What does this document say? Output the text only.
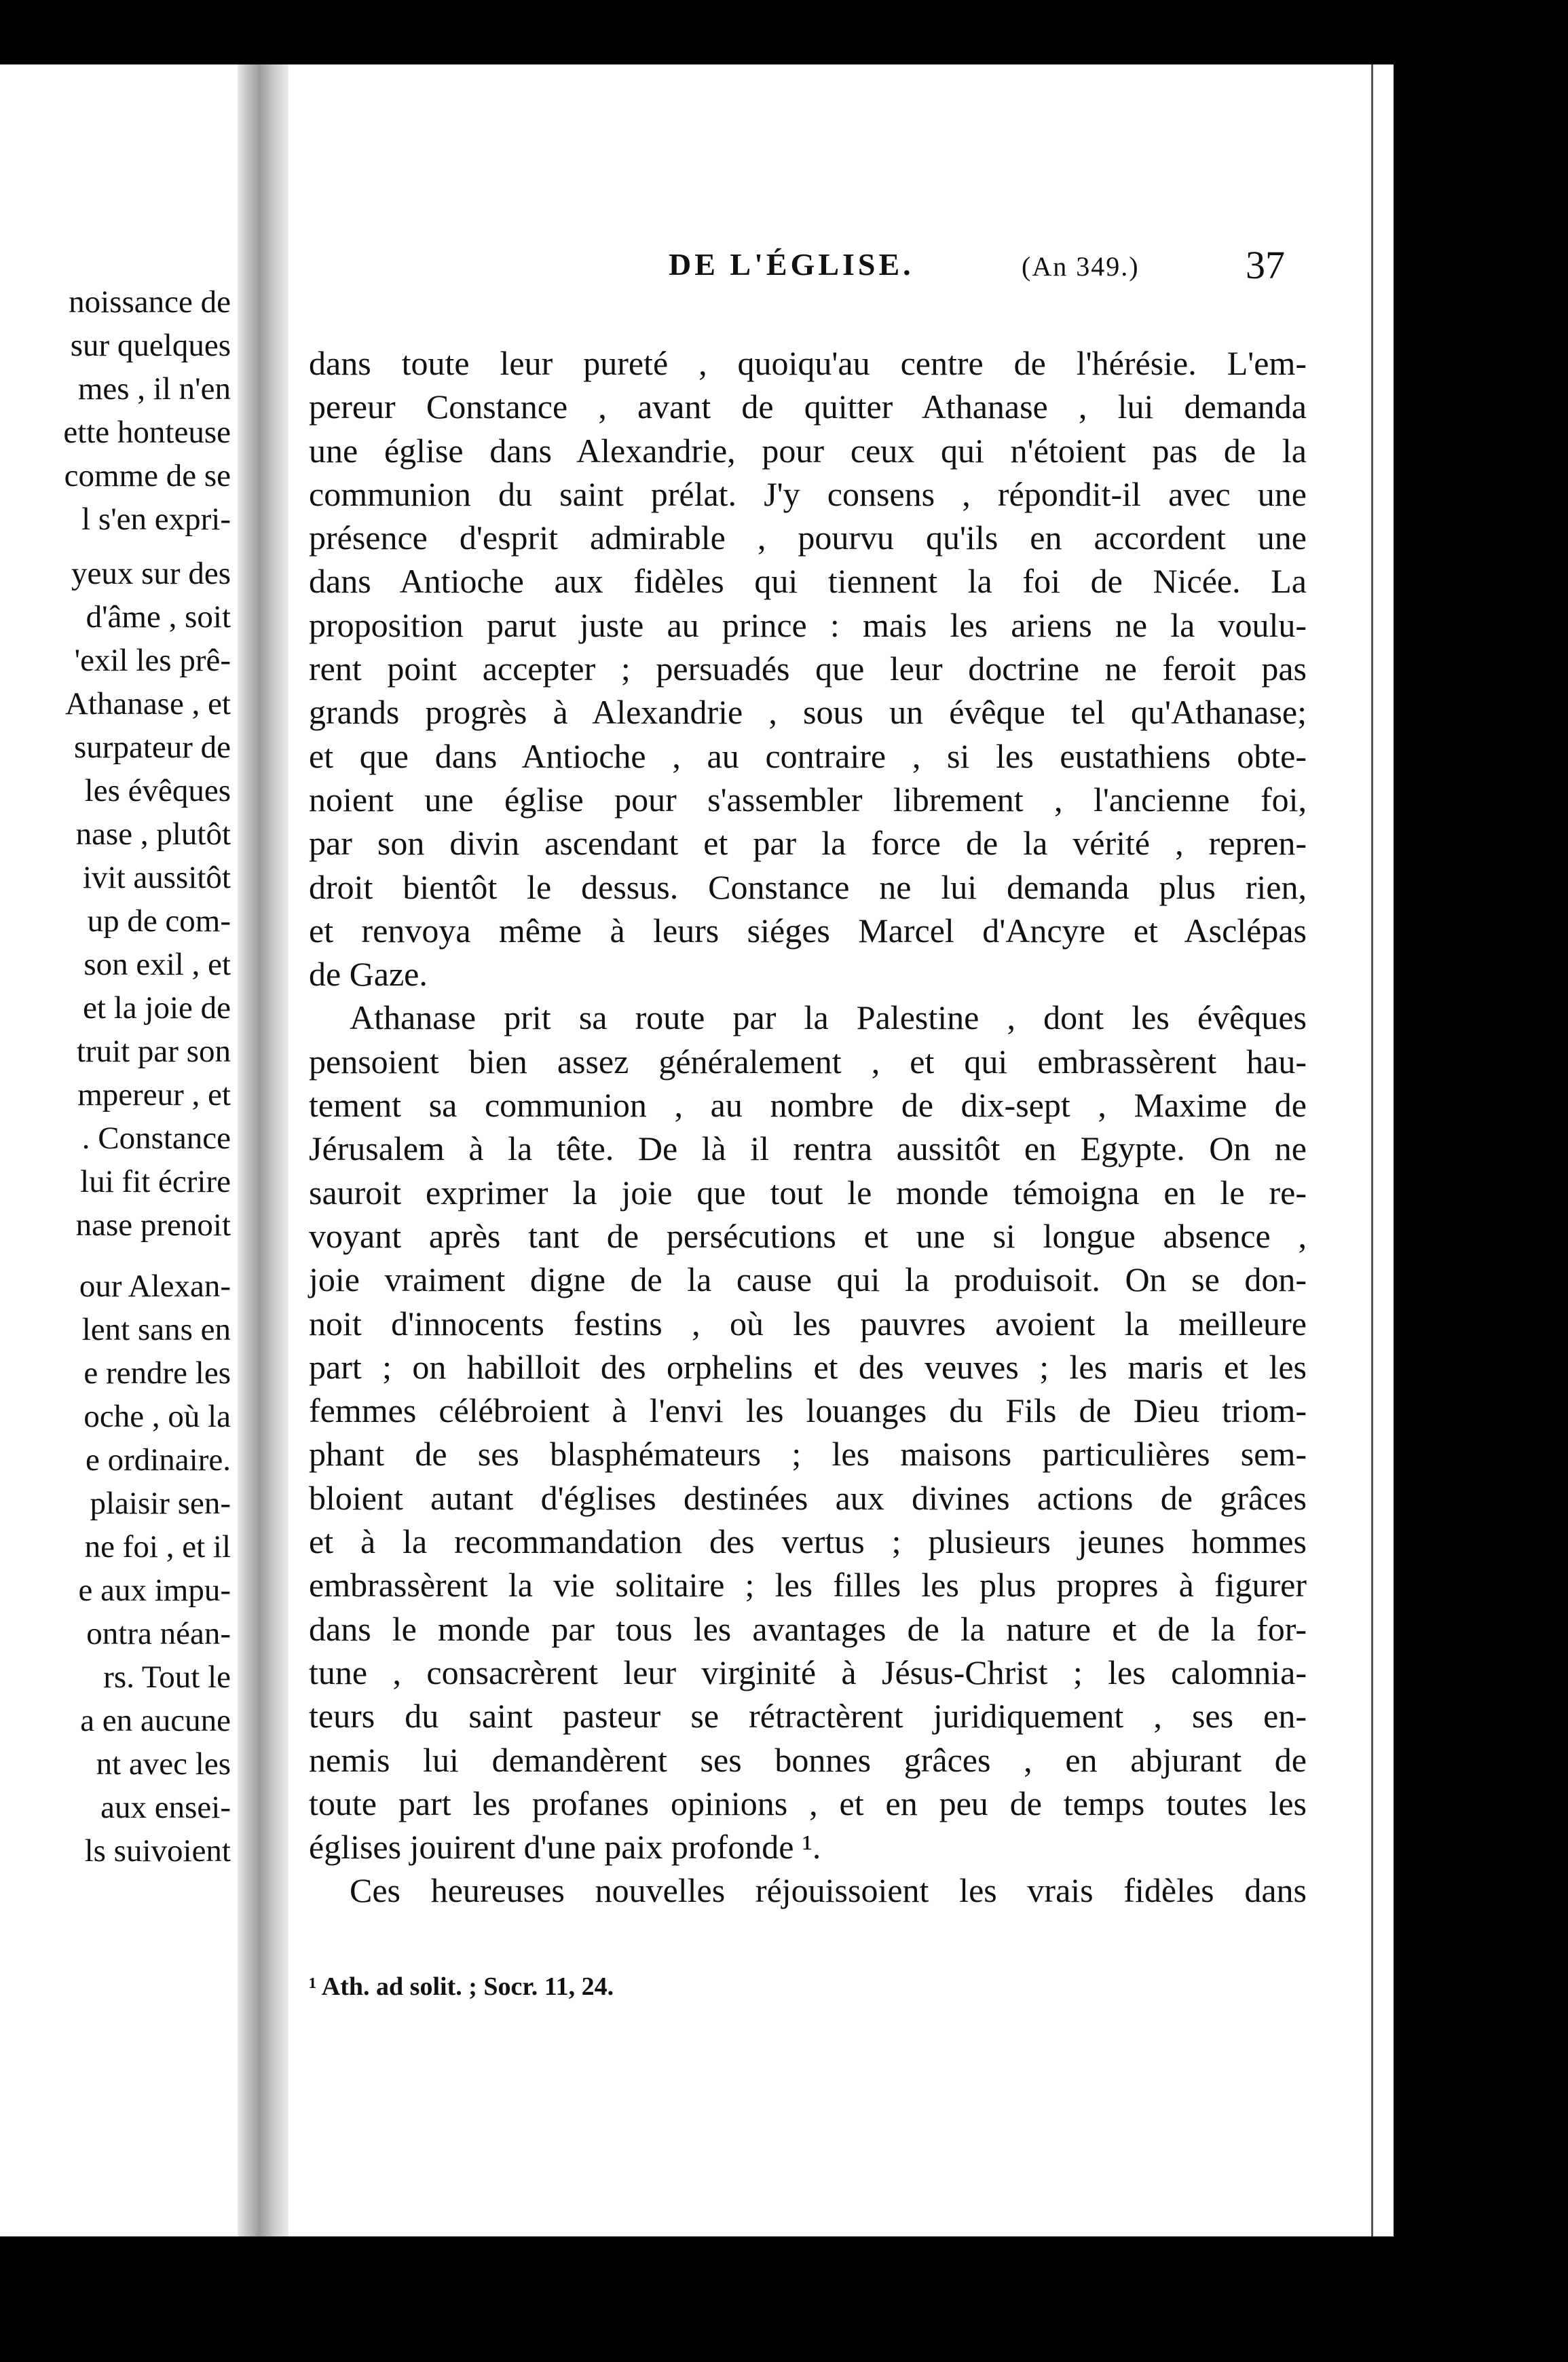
noissance de
sur quelques
mes , il n'en
ette honteuse
comme de se
l s'en expri-
yeux sur des
d'âme , soit
'exil les prê-
Athanase , et
surpateur de
les évêques
nase , plutôt
ivit aussitôt
up de com-
son exil , et
et la joie de
truit par son
mpereur , et
. Constance
lui fit écrire
nase prenoit
our Alexan-
lent sans en
e rendre les
oche , où la
e ordinaire.
plaisir sen-
ne foi , et il
e aux impu-
ontra néan-
rs. Tout le
a en aucune
nt avec les
aux ensei-
ls suivoient
DE L'ÉGLISE.	(An 349.)	37
dans toute leur pureté , quoiqu'au centre de l'hérésie. L'em-
pereur Constance , avant de quitter Athanase , lui demanda
une église dans Alexandrie, pour ceux qui n'étoient pas de la
communion du saint prélat. J'y consens , répondit-il avec une
présence d'esprit admirable , pourvu qu'ils en accordent une
dans Antioche aux fidèles qui tiennent la foi de Nicée. La
proposition parut juste au prince : mais les ariens ne la voulu-
rent point accepter ; persuadés que leur doctrine ne feroit pas
grands progrès à Alexandrie , sous un évêque tel qu'Athanase;
et que dans Antioche , au contraire , si les eustathiens obte-
noient une église pour s'assembler librement , l'ancienne foi,
par son divin ascendant et par la force de la vérité , repren-
droit bientôt le dessus. Constance ne lui demanda plus rien,
et renvoya même à leurs siéges Marcel d'Ancyre et Asclépas
de Gaze.
Athanase prit sa route par la Palestine , dont les évêques
pensoient bien assez généralement , et qui embrassèrent hau-
tement sa communion , au nombre de dix-sept , Maxime de
Jérusalem à la tête. De là il rentra aussitôt en Egypte. On ne
sauroit exprimer la joie que tout le monde témoigna en le re-
voyant après tant de persécutions et une si longue absence ,
joie vraiment digne de la cause qui la produisoit. On se don-
noit d'innocents festins , où les pauvres avoient la meilleure
part ; on habilloit des orphelins et des veuves ; les maris et les
femmes célébroient à l'envi les louanges du Fils de Dieu triom-
phant de ses blasphémateurs ; les maisons particulières sem-
bloient autant d'églises destinées aux divines actions de grâces
et à la recommandation des vertus ; plusieurs jeunes hommes
embrassèrent la vie solitaire ; les filles les plus propres à figurer
dans le monde par tous les avantages de la nature et de la for-
tune , consacrèrent leur virginité à Jésus-Christ ; les calomnia-
teurs du saint pasteur se rétractèrent juridiquement , ses en-
nemis lui demandèrent ses bonnes grâces , en abjurant de
toute part les profanes opinions , et en peu de temps toutes les
églises jouirent d'une paix profonde ¹.
Ces heureuses nouvelles réjouissoient les vrais fidèles dans
¹ Ath. ad solit. ; Socr. 11, 24.
